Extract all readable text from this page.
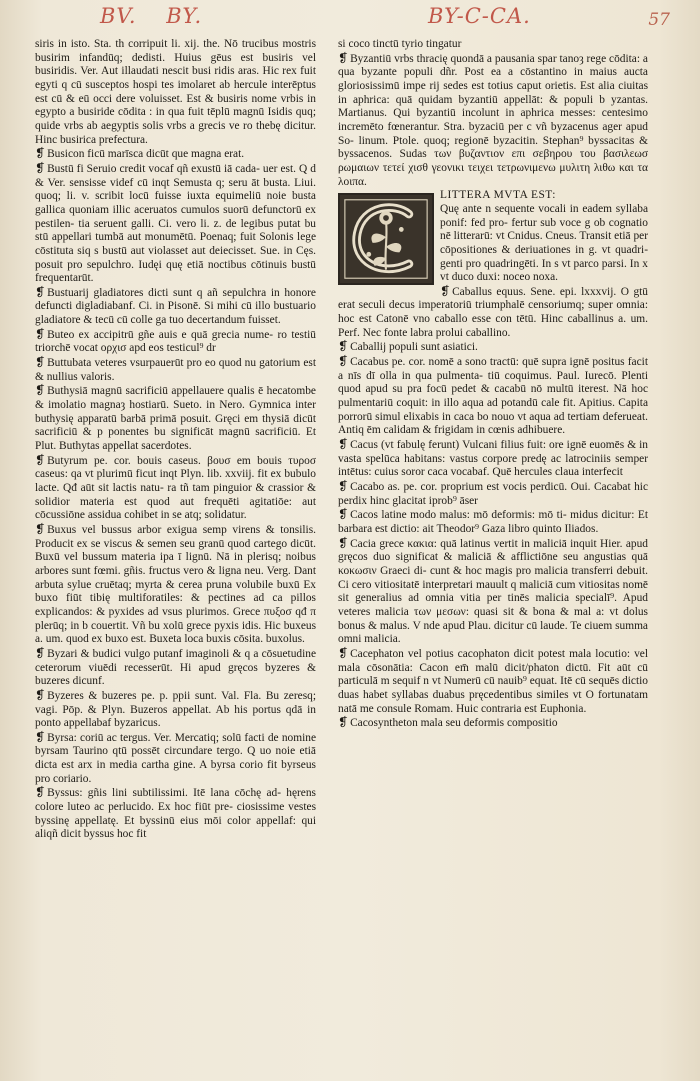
BV. BY.	BY-C-CA.	57

siris in isto. Sta. th corripuit li. xij. the. Nō trucibus mostris busirim infandūq; dedisti. Huius gēus est busiris vel busiridis. Ver. Aut illaudati nescit busi ridis aras. Hic rex fuit egyti q cū susceptos hospi tes imolaret ab hercule interēptus est cū & eū occi dere voluisset. Est & busiris nome vrbis in egypto a busiride cōdita : in qua fuit tēplū magnū Isidis quq; quide vrbs ab aegyptis solis vrbs a grecis ve ro thebę dicitur. Hinc busirica prefectura.

❡ Busicon ficū marīsca dicūt que magna erat.

❡ Bustū fi Seruio credit vocaf qñ exustū iā cada- uer est. Q d & Ver. sensisse videf cū inqt Semusta q; seru āt busta. Liui. quoq; li. v. scribit locū fuisse iuxta equimeliū noie busta gallica quoniam illic aceruatos cumulos suorū defunctorū ex pestilen- tia seruent galli. Ci. vero li. z. de legibus putat bu stū appellari tumbā aut monumētū. Poenaq; fuit Solonis lege cōstituta siq s bustū aut violasset aut deiecisset. Sue. in Cęs. posuit pro sepulchro. Iudęi quę etiā noctibus cōtinuis bustū frequentarūt.

❡ Bustuarij gladiatores dicti sunt q añ sepulchra in honore defuncti digladiabanf. Ci. in Pisonē. Si mihi cū illo bustuario gladiatore & tecū cū colle ga tuo decertandum fuisset.

❡ Buteo ex accipitrū gñe auis e quā grecia nume- ro testiū triorchē vocat ορχισ apd eos testicul⁹ dr

❡ Buttubata veteres vsurpauerūt pro eo quod nu gatorium est & nullius valoris.

❡ Buthysiā magnū sacrificiū appellauere qualis ē hecatombe & imolatio magnaȝ hostiarū. Sueto. in Nero. Gymnica inter buthysię apparatū barbā primā posuit. Gręci em thysiā dicūt sacrificiū & p ponentes bu significāt magnū sacrificiū. Et Plut. Buthytas appellat sacerdotes.

❡ Butyrum pe. cor. bouis caseus. βουσ em bouis τυροσ caseus: qa vt plurimū ficut inqt Plyn. lib. xxviij. fit ex bubulo lacte. Qđ aūt sit lactis natu- ra tñ tam pinguior & crassior & solidior materia est quod aut frequēti agitatiōe: aut cōcussiōne assidua cohibet in se atq; solidatur.

❡ Buxus vel bussus arbor exigua semp virens & tonsilis. Producit ex se viscus & semen seu granū quod cartego dicūt. Buxū vel bussum materia ipa ī lignū. Nā in plerisq; noibus arbores sunt fœmi. gñis. fructus vero & ligna neu. Verg. Dant arbuta sylue cruētaq; myrta & cerea pruna volubile buxū Ex buxo fiūt tibię multiforatiles: & pectines ad ca pillos explicandos: & pyxides ad vsus plurimos. Grece πυξοσ qđ π plerūq; in b couertit. Vñ bu xolū grece pyxis idis. Hic buxeus a. um. quod ex buxo est. Buxeta loca buxis cōsita. buxolus.

❡ Byzari & budici vulgo putanf imaginoli & q a cōsuetudine ceterorum viuēdi recesserūt. Hi apud gręcos byzeres & buzeres dicunf.

❡ Byzeres & buzeres pe. p. ppii sunt. Val. Fla. Bu zeresq; vagi. Pōp. & Plyn. Buzeros appellat. Ab his portus qdā in ponto appellabaf byzaricus.

❡ Byrsa: coriū ac tergus. Ver. Mercatiq; solū facti de nomine byrsam Taurino qtū possēt circundare tergo. Q uo noie etiā dicta est arx in media cartha gine. A byrsa corio fit byrseus pro coriario.

❡ Byssus: gñis lini subtilissimi. Itē lana cōchę ad- hęrens colore luteo ac perlucido. Ex hoc fiūt pre- ciosissime vestes byssinę appellatę. Et byssinū eius mōi color appellaf: qui aliqñ dicit byssus hoc fit

si coco tinctū tyrio tingatur

❡ Byzantiū vrbs thracię quondā a pausania spar tanoȝ rege cōdita: a qua byzante populi dñr. Post ea a cōstantino in maius aucta gloriosissimū impe rij sedes est totius caput orietis. Est alia ciuitas in aphrica: quā quidam byzantiū appellāt: & populi b yzantas. Martianus. Qui byzantiū incolunt in aphrica messes: centesimo incremēto fœnerantur. Stra. byzaciū per c vñ byzacenus ager apud So- linum. Ptole. quoq; regionē byzacitin. Stephan⁹ byssacitas & byssacenos. Sudas των βυζαντιον επι σεβηρου του βασιλεωσ ρωμαιων τετεί χισθ γεονικι τειχει τετρωνιμενω μυλιτη λιθω και τα λοιπα.

LITTERA MVTA EST:

Quę ante n sequente vocali in eadem syllaba ponif: fed pro- fertur sub voce g ob cognatio nē litterarū: vt Cnidus. Cneus. Transit etiā per cōpositiones & deriuationes in g. vt quadri- genti pro quadringēti. In s vt parco parsi. In x vt duco duxi: noceo noxa.

❡ Caballus equus. Sene. epi. lxxxvij. O gtū erat seculi decus imperatoriū triumphalē censoriumq; super omnia: hoc est Catonē vno caballo esse con tētū. Hinc caballinus a. um. Perf. Nec fonte labra prolui caballino.

❡ Caballij populi sunt asiatici.

❡ Cacabus pe. cor. nomē a sono tractū: quē supra ignē positus facit a nīs dī olla in qua pulmenta- tiū coquimus. Paul. Iurecō. Plenti quod apud su pra focū pedet & cacabū nō multū iterest. Nā hoc pulmentariū coquit: in illo aqua ad potandū cale fit. Apitius. Capita porrorū simul elixabis in caca bo nouo vt aqua ad tertiam deferueat. Antiq ēm calidam & frigidam in cœnis adhibuere.

❡ Cacus (vt fabulę ferunt) Vulcani filius fuit: ore ignē euomēs & in vasta spelūca habitans: vastus corpore predę ac latrociniis semper intētus: cuius soror caca vocabaf. Quē hercules claua interfecit

❡ Cacabo as. pe. cor. proprium est vocis perdicū. Oui. Cacabat hic perdix hinc glacitat iprob⁹ āser

❡ Cacos latine modo malus: mō deformis: mō ti- midus dicitur: Et barbara est dictio: ait Theodor⁹ Gaza libro quinto Iliados.

❡ Cacia grece κακια: quā latinus vertit in maliciā inquit Hier. apud gręcos duo significat & maliciā & afflictiōne seu angustias quā κοκωσιν Graeci di- cunt & hoc magis pro malicia transferri debuit. Ci cero vitiositatē interpretari mauult q maliciā cum vitiositas nomē sit generalius ad omnia vitia per tinēs malicia specialī⁹. Apud veteres malicia των μεσων: quasi sit & bona & mal a: vt dolus bonus & malus. V nde apud Plau. dicitur cū laude. Te ciuem summa omni malicia.

❡ Cacephaton vel potius cacophaton dicit potest mala locutio: vel mala cōsonātia: Cacon em̄ malū dicit/phaton dictū. Fit aūt cū particulā m sequif n vt Numerū cū nauib⁹ equat. Itē cū sequēs dictio duas habet syllabas duabus pręcedentibus similes vt O fortunatam natā me consule Romam. Huic contraria est Euphonia.

❡ Cacosyntheton mala seu deformis compositio
